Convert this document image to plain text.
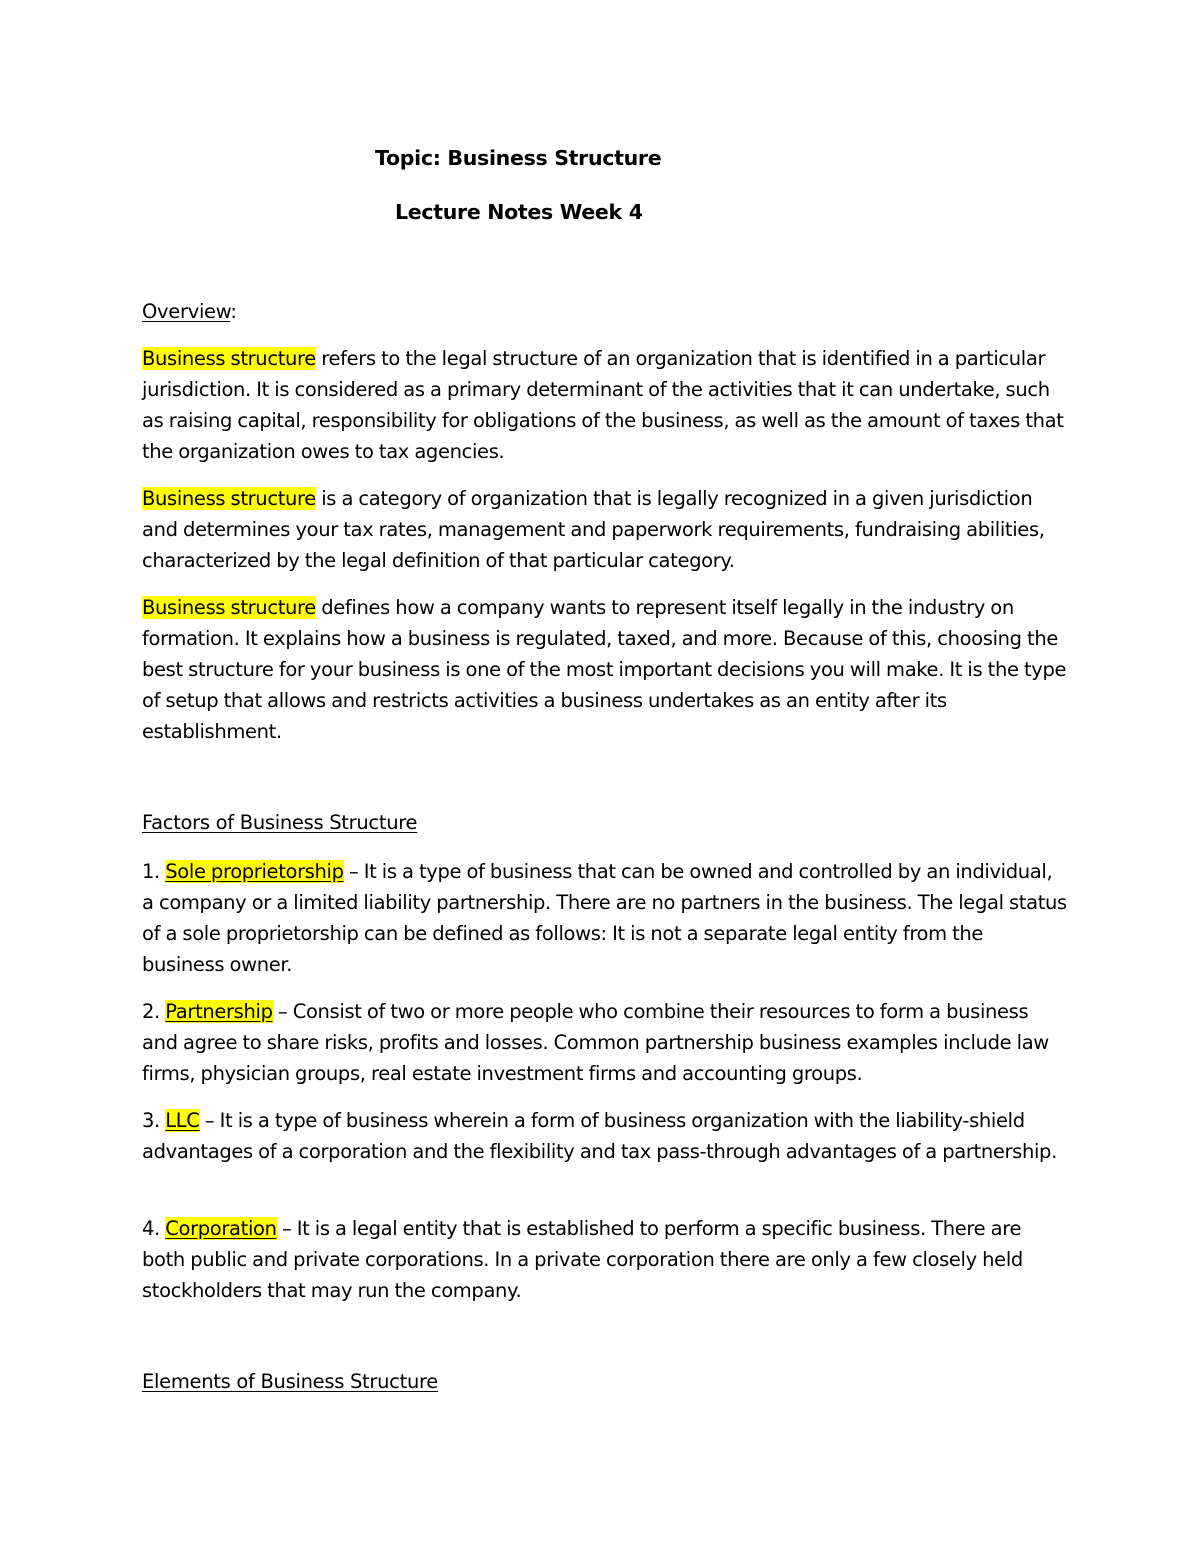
Topic: Business Structure
Lecture Notes Week 4
Overview:
Business structure refers to the legal structure of an organization that is identified in a particular jurisdiction. It is considered as a primary determinant of the activities that it can undertake, such as raising capital, responsibility for obligations of the business, as well as the amount of taxes that the organization owes to tax agencies.
Business structure is a category of organization that is legally recognized in a given jurisdiction and determines your tax rates, management and paperwork requirements, fundraising abilities, characterized by the legal definition of that particular category.
Business structure defines how a company wants to represent itself legally in the industry on formation. It explains how a business is regulated, taxed, and more. Because of this, choosing the best structure for your business is one of the most important decisions you will make. It is the type of setup that allows and restricts activities a business undertakes as an entity after its establishment.
Factors of Business Structure
1. Sole proprietorship – It is a type of business that can be owned and controlled by an individual, a company or a limited liability partnership. There are no partners in the business. The legal status of a sole proprietorship can be defined as follows: It is not a separate legal entity from the business owner.
2. Partnership – Consist of two or more people who combine their resources to form a business and agree to share risks, profits and losses. Common partnership business examples include law firms, physician groups, real estate investment firms and accounting groups.
3. LLC – It is a type of business wherein a form of business organization with the liability-shield advantages of a corporation and the flexibility and tax pass-through advantages of a partnership.
4. Corporation – It is a legal entity that is established to perform a specific business. There are both public and private corporations. In a private corporation there are only a few closely held stockholders that may run the company.
Elements of Business Structure
